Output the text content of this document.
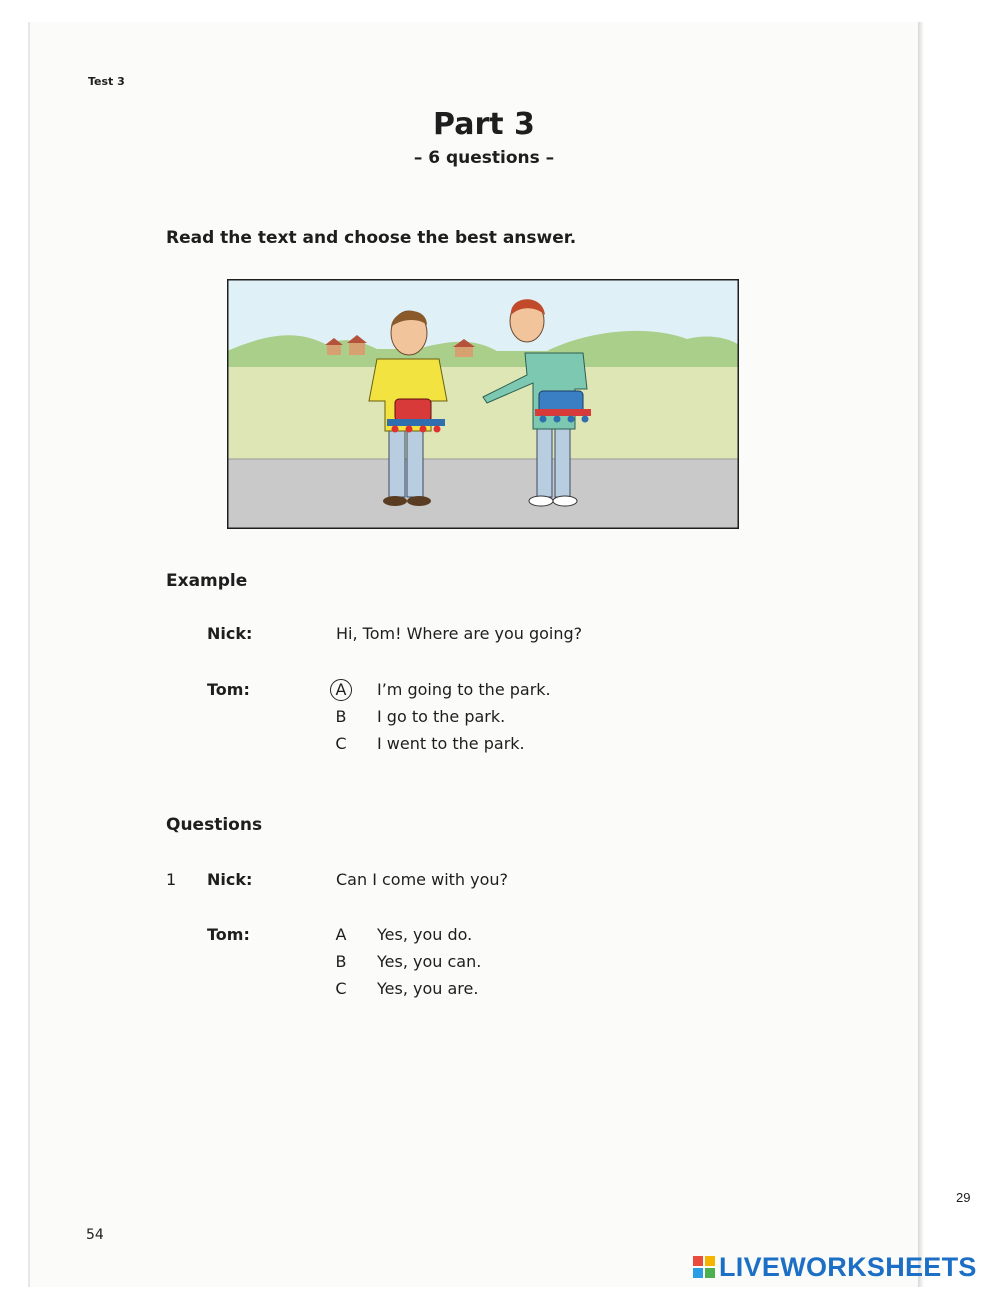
Test 3
Part 3
– 6 questions –
Read the text and choose the best answer.
Example
Nick:	Hi, Tom! Where are you going?
Tom:	A	I’m going to the park.
B I go to the park.
C I went to the park.
Questions
1 Nick:	Can I come with you?
Tom:	A Yes, you do.
B Yes, you can.
C Yes, you are.
54
29
LIVEWORKSHEETS
